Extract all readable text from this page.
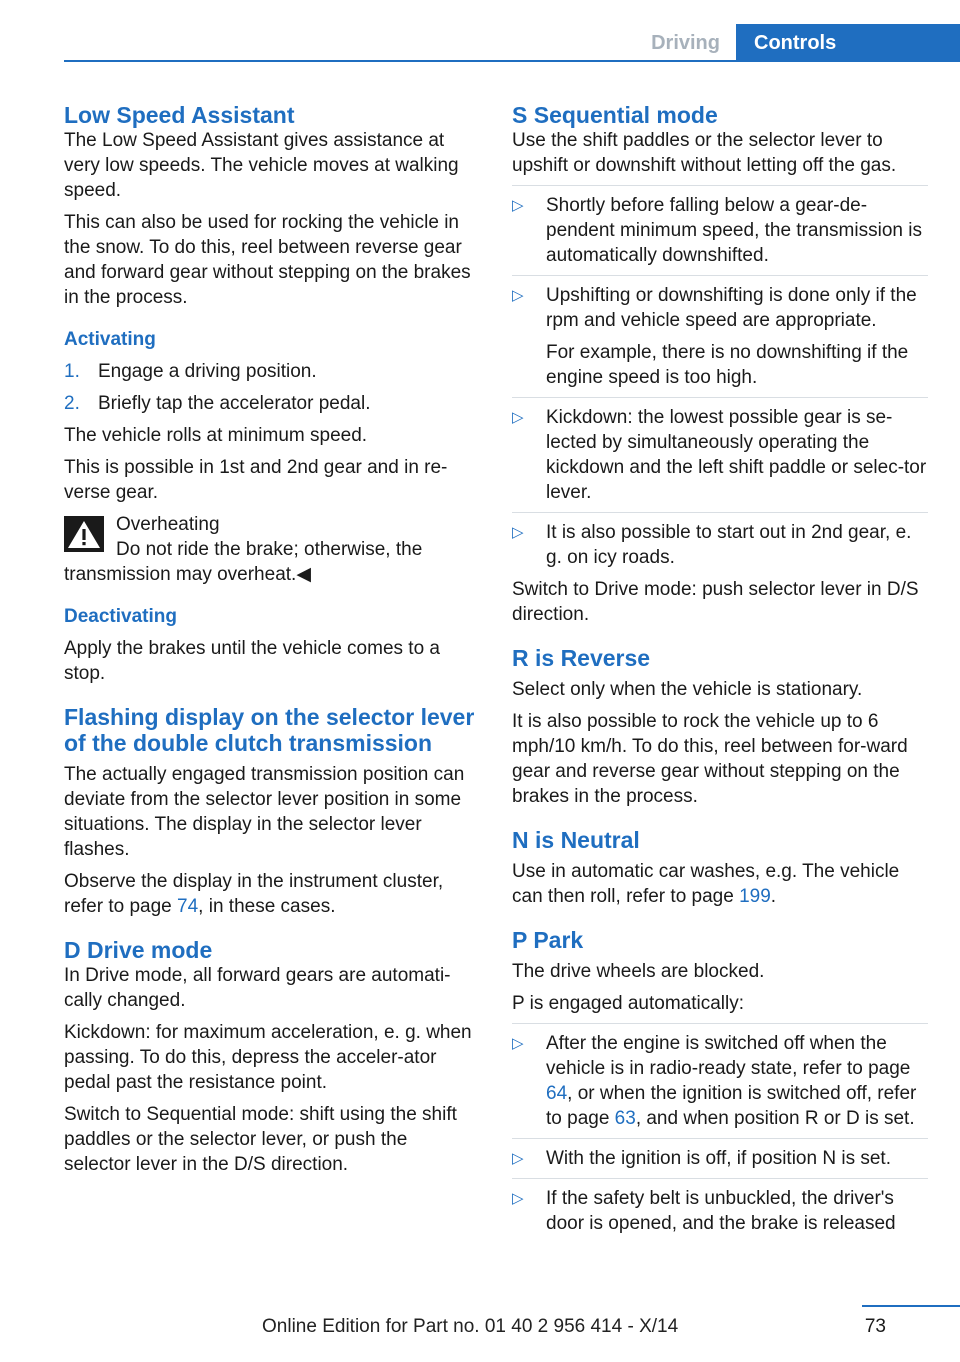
Driving	Controls
Low Speed Assistant

The Low Speed Assistant gives assistance at very low speeds. The vehicle moves at walking speed.

This can also be used for rocking the vehicle in the snow. To do this, reel between reverse gear and forward gear without stepping on the brakes in the process.

Activating
1. Engage a driving position.
2. Briefly tap the accelerator pedal.

The vehicle rolls at minimum speed.

This is possible in 1st and 2nd gear and in re‐verse gear.

Overheating
Do not ride the brake; otherwise, the transmission may overheat.◀
Deactivating

Apply the brakes until the vehicle comes to a stop.

Flashing display on the selector lever of the double clutch transmission

The actually engaged transmission position can deviate from the selector lever position in some situations. The display in the selector lever flashes.

Observe the display in the instrument cluster, refer to page 74, in these cases.

D Drive mode

In Drive mode, all forward gears are automati‐cally changed.

Kickdown: for maximum acceleration, e. g. when passing. To do this, depress the acceler‐ator pedal past the resistance point.

Switch to Sequential mode: shift using the shift paddles or the selector lever, or push the selector lever in the D/S direction.

S Sequential mode

Use the shift paddles or the selector lever to upshift or downshift without letting off the gas.

▷ Shortly before falling below a gear-de‐pendent minimum speed, the transmission is automatically downshifted.
▷ Upshifting or downshifting is done only if the rpm and vehicle speed are appropriate.

For example, there is no downshifting if the engine speed is too high.

▷ Kickdown: the lowest possible gear is se‐lected by simultaneously operating the kickdown and the left shift paddle or selec‐tor lever.
▷ It is also possible to start out in 2nd gear, e. g. on icy roads.

Switch to Drive mode: push selector lever in D/S direction.

R is Reverse

Select only when the vehicle is stationary.

It is also possible to rock the vehicle up to 6 mph/10 km/h. To do this, reel between for‐ward gear and reverse gear without stepping on the brakes in the process.

N is Neutral

Use in automatic car washes, e.g. The vehicle can then roll, refer to page 199.

P Park

The drive wheels are blocked.

P is engaged automatically:

▷ After the engine is switched off when the vehicle is in radio-ready state, refer to page 64, or when the ignition is switched off, refer to page 63, and when position R or D is set.
▷ With the ignition is off, if position N is set.
▷ If the safety belt is unbuckled, the driver's door is opened, and the brake is released
73
Online Edition for Part no. 01 40 2 956 414 - X/14
